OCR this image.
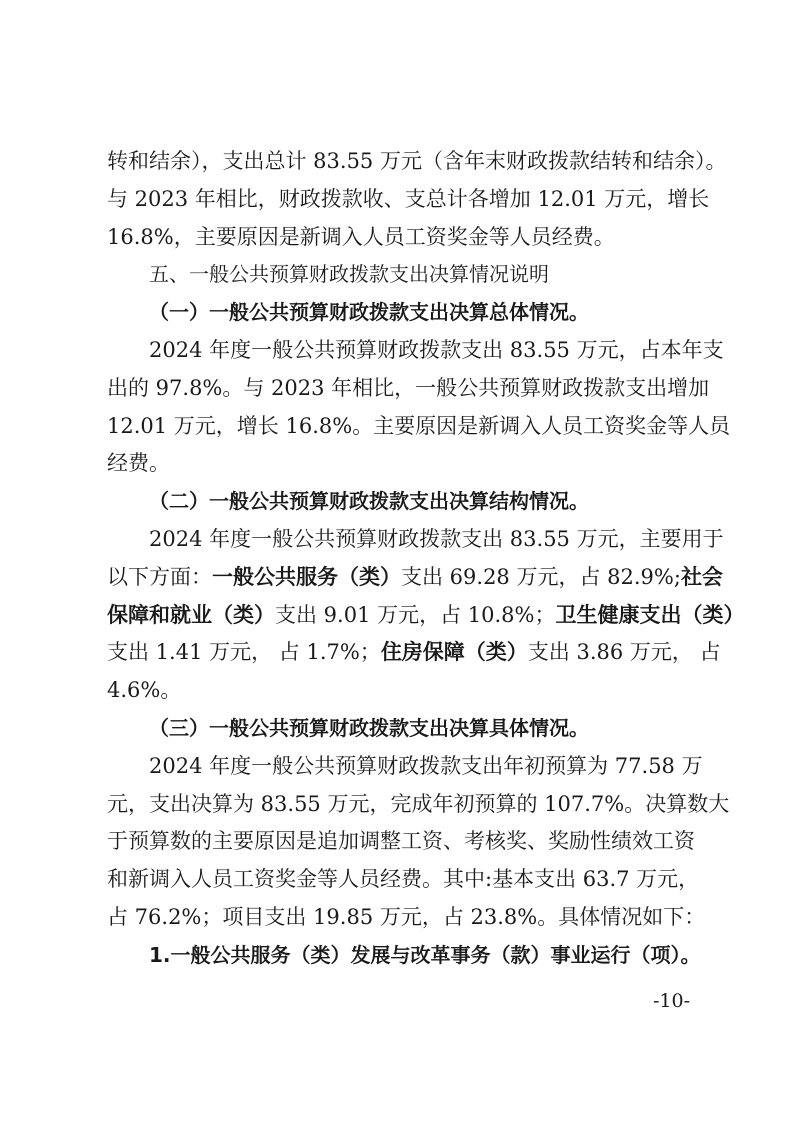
转和结余），支出总计 83.55 万元（含年末财政拨款结转和结余）。
与 2023 年相比，财政拨款收、支总计各增加 12.01 万元，增长
16.8%，主要原因是新调入人员工资奖金等人员经费。
五、一般公共预算财政拨款支出决算情况说明
（一）一般公共预算财政拨款支出决算总体情况。
2024 年度一般公共预算财政拨款支出 83.55 万元，占本年支
出的 97.8%。与 2023 年相比，一般公共预算财政拨款支出增加
12.01 万元，增长 16.8%。主要原因是新调入人员工资奖金等人员
经费。
（二）一般公共预算财政拨款支出决算结构情况。
2024 年度一般公共预算财政拨款支出 83.55 万元，主要用于
以下方面：一般公共服务（类）支出 69.28 万元，占 82.9%;社会
保障和就业（类）支出 9.01 万元，占 10.8%；卫生健康支出（类）
支出 1.41 万元， 占 1.7%；住房保障（类）支出 3.86 万元， 占
4.6%。
（三）一般公共预算财政拨款支出决算具体情况。
2024 年度一般公共预算财政拨款支出年初预算为 77.58 万
元，支出决算为 83.55 万元，完成年初预算的 107.7%。决算数大
于预算数的主要原因是追加调整工资、考核奖、奖励性绩效工资
和新调入人员工资奖金等人员经费。其中:基本支出 63.7 万元，
占 76.2%；项目支出 19.85 万元，占 23.8%。具体情况如下：
1.一般公共服务（类）发展与改革事务（款）事业运行（项）。
-10-
